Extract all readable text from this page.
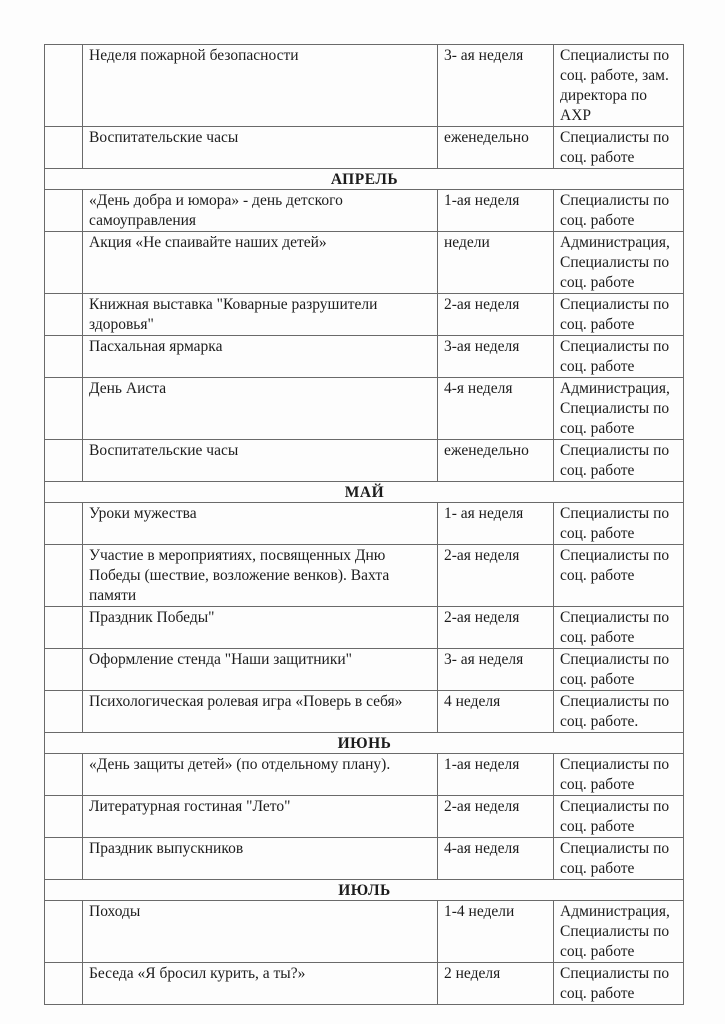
	Неделя пожарной безопасности	3- ая неделя	Специалисты по соц. работе, зам. директора по АХР
	Воспитательские часы	еженедельно	Специалисты по соц. работе
АПРЕЛЬ			
	«День добра и юмора» - день детского самоуправления	1-ая неделя	Специалисты по соц. работе
	Акция «Не спаивайте наших детей»	недели	Администрация, Специалисты по соц. работе
	Книжная выставка "Коварные разрушители здоровья"	2-ая неделя	Специалисты по соц. работе
	Пасхальная ярмарка	3-ая неделя	Специалисты по соц. работе
	День Аиста	4-я неделя	Администрация, Специалисты по соц. работе
	Воспитательские часы	еженедельно	Специалисты по соц. работе
МАЙ			
	Уроки мужества	1- ая неделя	Специалисты по соц. работе
	Участие в мероприятиях, посвященных Дню Победы (шествие, возложение венков). Вахта памяти	2-ая неделя	Специалисты по соц. работе
	Праздник Победы"	2-ая неделя	Специалисты по соц. работе
	Оформление стенда "Наши защитники"	3- ая неделя	Специалисты по соц. работе
	Психологическая ролевая игра «Поверь в себя»	4 неделя	Специалисты по соц. работе.
ИЮНЬ			
	«День защиты детей» (по отдельному плану).	1-ая неделя	Специалисты по соц. работе
	Литературная гостиная "Лето"	2-ая неделя	Специалисты по соц. работе
	Праздник выпускников	4-ая неделя	Специалисты по соц. работе
ИЮЛЬ			
	Походы	1-4 недели	Администрация, Специалисты по соц. работе
	Беседа «Я бросил курить, а ты?»	2 неделя	Специалисты по соц. работе
